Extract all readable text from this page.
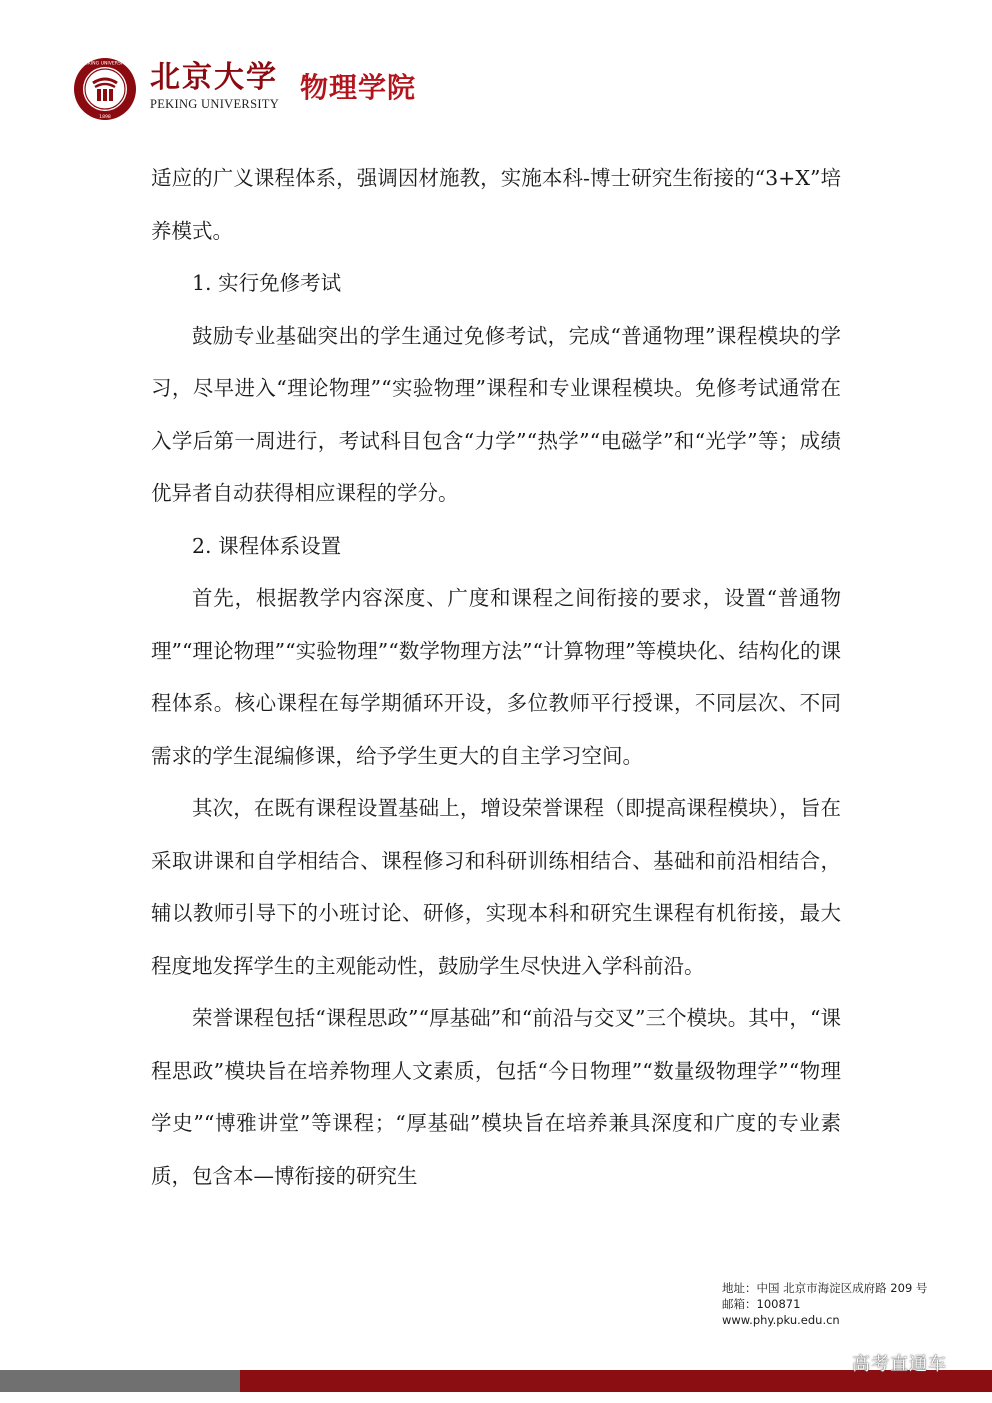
PEKING UNIVERSITY
1898
北京大学
PEKING UNIVERSITY 物理学院

适应的广义课程体系，强调因材施教，实施本科-博士研究生衔接的“3+X”培养模式。

1. 实行免修考试

鼓励专业基础突出的学生通过免修考试，完成“普通物理”课程模块的学习，尽早进入“理论物理”“实验物理”课程和专业课程模块。免修考试通常在入学后第一周进行，考试科目包含“力学”“热学”“电磁学”和“光学”等；成绩优异者自动获得相应课程的学分。

2. 课程体系设置

首先，根据教学内容深度、广度和课程之间衔接的要求，设置“普通物理”“理论物理”“实验物理”“数学物理方法”“计算物理”等模块化、结构化的课程体系。核心课程在每学期循环开设，多位教师平行授课，不同层次、不同需求的学生混编修课，给予学生更大的自主学习空间。

其次，在既有课程设置基础上，增设荣誉课程（即提高课程模块），旨在采取讲课和自学相结合、课程修习和科研训练相结合、基础和前沿相结合，辅以教师引导下的小班讨论、研修，实现本科和研究生课程有机衔接，最大程度地发挥学生的主观能动性，鼓励学生尽快进入学科前沿。

荣誉课程包括“课程思政”“厚基础”和“前沿与交叉”三个模块。其中，“课程思政”模块旨在培养物理人文素质，包括“今日物理”“数量级物理学”“物理学史”“博雅讲堂”等课程；“厚基础”模块旨在培养兼具深度和广度的专业素质，包含本—博衔接的研究生

地址：中国 北京市海淀区成府路 209 号
邮箱：100871
www.phy.pku.edu.cn
高考直通车
